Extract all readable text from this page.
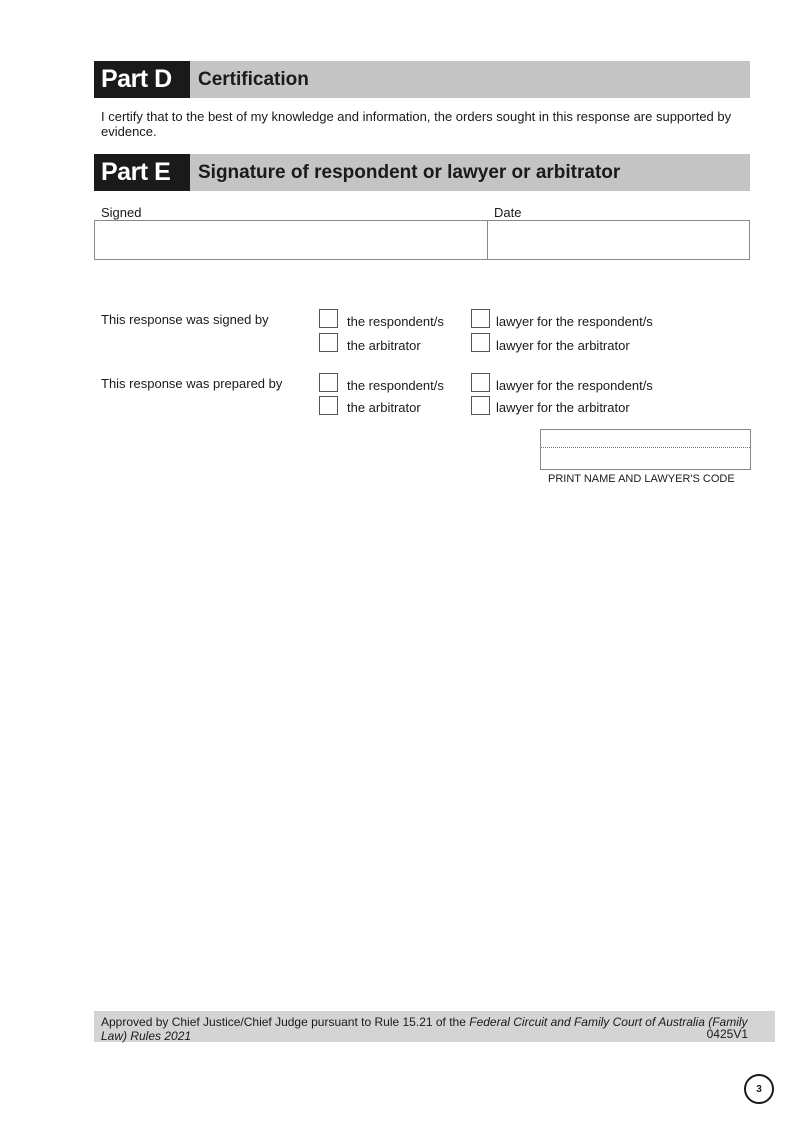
Part D	Certification
I certify that to the best of my knowledge and information, the orders sought in this response are supported by evidence.
Part E	Signature of respondent or lawyer or arbitrator
Signed	Date
This response was signed by	the respondent/s	lawyer for the respondent/s
the arbitrator	lawyer for the arbitrator
This response was prepared by	the respondent/s	lawyer for the respondent/s
the arbitrator	lawyer for the arbitrator
PRINT NAME AND LAWYER'S CODE
Approved by Chief Justice/Chief Judge pursuant to Rule 15.21 of the Federal Circuit and Family Court of Australia (Family Law) Rules 2021	0425V1
3
